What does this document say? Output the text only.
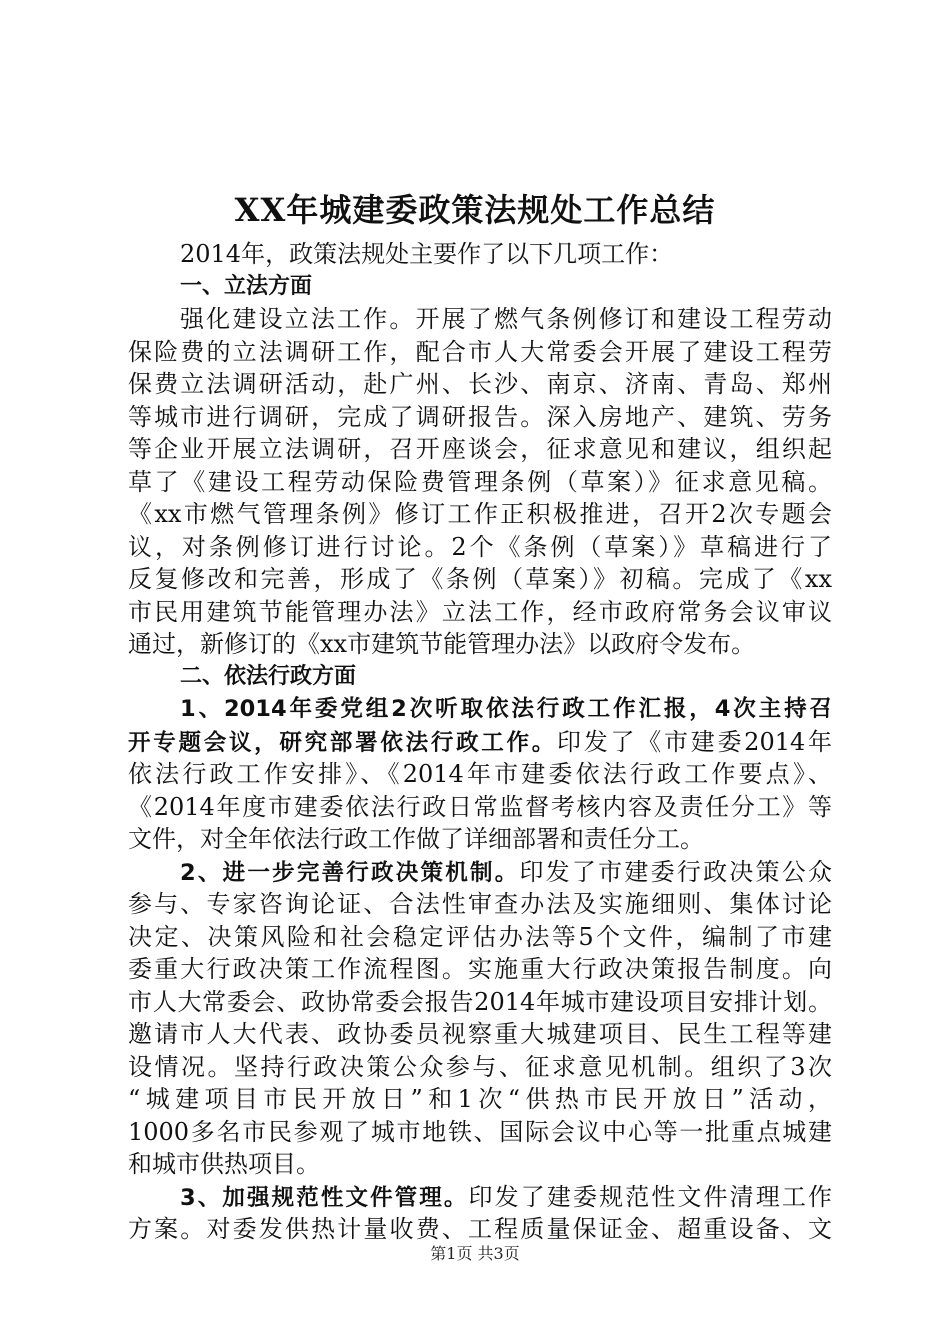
XX年城建委政策法规处工作总结
2014年，政策法规处主要作了以下几项工作：
一、立法方面
强化建设立法工作。开展了燃气条例修订和建设工程劳动
保险费的立法调研工作，配合市人大常委会开展了建设工程劳
保费立法调研活动，赴广州、长沙、南京、济南、青岛、郑州
等城市进行调研，完成了调研报告。深入房地产、建筑、劳务
等企业开展立法调研，召开座谈会，征求意见和建议，组织起
草了《建设工程劳动保险费管理条例（草案）》征求意见稿。
《xx市燃气管理条例》修订工作正积极推进，召开2次专题会
议，对条例修订进行讨论。2个《条例（草案）》草稿进行了
反复修改和完善，形成了《条例（草案）》初稿。完成了《xx
市民用建筑节能管理办法》立法工作，经市政府常务会议审议
通过，新修订的《xx市建筑节能管理办法》以政府令发布。
二、依法行政方面
1、2014年委党组2次听取依法行政工作汇报，4次主持召
开专题会议，研究部署依法行政工作。印发了《市建委2014年
依法行政工作安排》、《2014年市建委依法行政工作要点》、
《2014年度市建委依法行政日常监督考核内容及责任分工》等
文件，对全年依法行政工作做了详细部署和责任分工。
2、进一步完善行政决策机制。印发了市建委行政决策公众
参与、专家咨询论证、合法性审查办法及实施细则、集体讨论
决定、决策风险和社会稳定评估办法等5个文件，编制了市建
委重大行政决策工作流程图。实施重大行政决策报告制度。向
市人大常委会、政协常委会报告2014年城市建设项目安排计划。
邀请市人大代表、政协委员视察重大城建项目、民生工程等建
设情况。坚持行政决策公众参与、征求意见机制。组织了3次
“城建项目市民开放日”和1次“供热市民开放日”活动，
1000多名市民参观了城市地铁、国际会议中心等一批重点城建
和城市供热项目。
3、加强规范性文件管理。印发了建委规范性文件清理工作
方案。对委发供热计量收费、工程质量保证金、超重设备、文
第1页 共3页
